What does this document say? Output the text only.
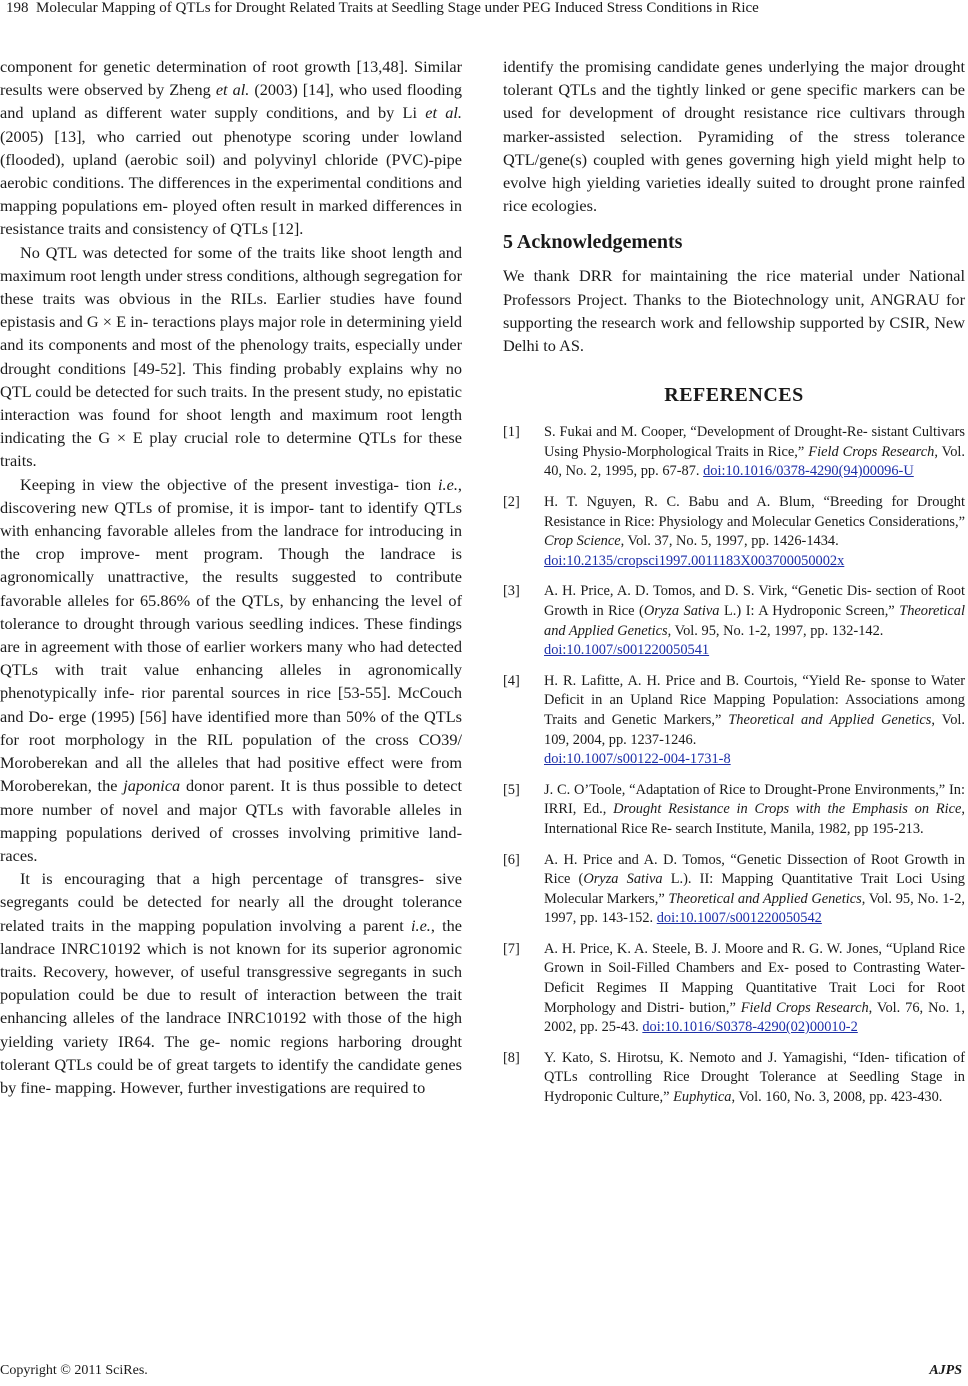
198 Molecular Mapping of QTLs for Drought Related Traits at Seedling Stage under PEG Induced Stress Conditions in Rice

component for genetic determination of root growth [13,48]. Similar results were observed by Zheng et al. (2003) [14], who used flooding and upland as different water supply conditions, and by Li et al. (2005) [13], who carried out phenotype scoring under lowland (flooded), upland (aerobic soil) and polyvinyl chloride (PVC)-pipe aerobic conditions. The differences in the experimental conditions and mapping populations em- ployed often result in marked differences in resistance traits and consistency of QTLs [12].

No QTL was detected for some of the traits like shoot length and maximum root length under stress conditions, although segregation for these traits was obvious in the RILs. Earlier studies have found epistasis and G × E in- teractions plays major role in determining yield and its components and most of the phenology traits, especially under drought conditions [49-52]. This finding probably explains why no QTL could be detected for such traits. In the present study, no epistatic interaction was found for shoot length and maximum root length indicating the G × E play crucial role to determine QTLs for these traits.

Keeping in view the objective of the present investiga- tion i.e., discovering new QTLs of promise, it is impor- tant to identify QTLs with enhancing favorable alleles from the landrace for introducing in the crop improve- ment program. Though the landrace is agronomically unattractive, the results suggested to contribute favorable alleles for 65.86% of the QTLs, by enhancing the level of tolerance to drought through various seedling indices. These findings are in agreement with those of earlier workers many who had detected QTLs with trait value enhancing alleles in agronomically phenotypically infe- rior parental sources in rice [53-55]. McCouch and Do- erge (1995) [56] have identified more than 50% of the QTLs for root morphology in the RIL population of the cross CO39/ Moroberekan and all the alleles that had positive effect were from Moroberekan, the japonica donor parent. It is thus possible to detect more number of novel and major QTLs with favorable alleles in mapping populations derived of crosses involving primitive land- races.

It is encouraging that a high percentage of transgres- sive segregants could be detected for nearly all the drought tolerance related traits in the mapping population involving a parent i.e., the landrace INRC10192 which is not known for its superior agronomic traits. Recovery, however, of useful transgressive segregants in such population could be due to result of interaction between the trait enhancing alleles of the landrace INRC10192 with those of the high yielding variety IR64. The ge- nomic regions harboring drought tolerant QTLs could be of great targets to identify the candidate genes by fine- mapping. However, further investigations are required to

identify the promising candidate genes underlying the major drought tolerant QTLs and the tightly linked or gene specific markers can be used for development of drought resistance rice cultivars through marker-assisted selection. Pyramiding of the stress tolerance QTL/gene(s) coupled with genes governing high yield might help to evolve high yielding varieties ideally suited to drought prone rainfed rice ecologies.

5 Acknowledgements

We thank DRR for maintaining the rice material under National Professors Project. Thanks to the Biotechnology unit, ANGRAU for supporting the research work and fellowship supported by CSIR, New Delhi to AS.

REFERENCES
[1]	S. Fukai and M. Cooper, “Development of Drought-Re- sistant Cultivars Using Physio-Morphological Traits in Rice,” Field Crops Research, Vol. 40, No. 2, 1995, pp. 67-87. doi:10.1016/0378-4290(94)00096-U
[2]	H. T. Nguyen, R. C. Babu and A. Blum, “Breeding for Drought Resistance in Rice: Physiology and Molecular Genetics Considerations,” Crop Science, Vol. 37, No. 5, 1997, pp. 1426-1434.
doi:10.2135/cropsci1997.0011183X003700050002x
[3]	A. H. Price, A. D. Tomos, and D. S. Virk, “Genetic Dis- section of Root Growth in Rice (Oryza Sativa L.) I: A Hydroponic Screen,” Theoretical and Applied Genetics, Vol. 95, No. 1-2, 1997, pp. 132-142.
doi:10.1007/s001220050541
[4]	H. R. Lafitte, A. H. Price and B. Courtois, “Yield Re- sponse to Water Deficit in an Upland Rice Mapping Population: Associations among Traits and Genetic Markers,” Theoretical and Applied Genetics, Vol. 109, 2004, pp. 1237-1246.
doi:10.1007/s00122-004-1731-8
[5]	J. C. O’Toole, “Adaptation of Rice to Drought-Prone Environments,” In: IRRI, Ed., Drought Resistance in Crops with the Emphasis on Rice, International Rice Re- search Institute, Manila, 1982, pp 195-213.
[6]	A. H. Price and A. D. Tomos, “Genetic Dissection of Root Growth in Rice (Oryza Sativa L.). II: Mapping Quantitative Trait Loci Using Molecular Markers,” Theoretical and Applied Genetics, Vol. 95, No. 1-2, 1997, pp. 143-152. doi:10.1007/s001220050542
[7]	A. H. Price, K. A. Steele, B. J. Moore and R. G. W. Jones, “Upland Rice Grown in Soil-Filled Chambers and Ex- posed to Contrasting Water-Deficit Regimes II Mapping Quantitative Trait Loci for Root Morphology and Distri- bution,” Field Crops Research, Vol. 76, No. 1, 2002, pp. 25-43. doi:10.1016/S0378-4290(02)00010-2
[8]	Y. Kato, S. Hirotsu, K. Nemoto and J. Yamagishi, “Iden- tification of QTLs controlling Rice Drought Tolerance at Seedling Stage in Hydroponic Culture,” Euphytica, Vol. 160, No. 3, 2008, pp. 423-430.
Copyright © 2011 SciRes.	AJPS
